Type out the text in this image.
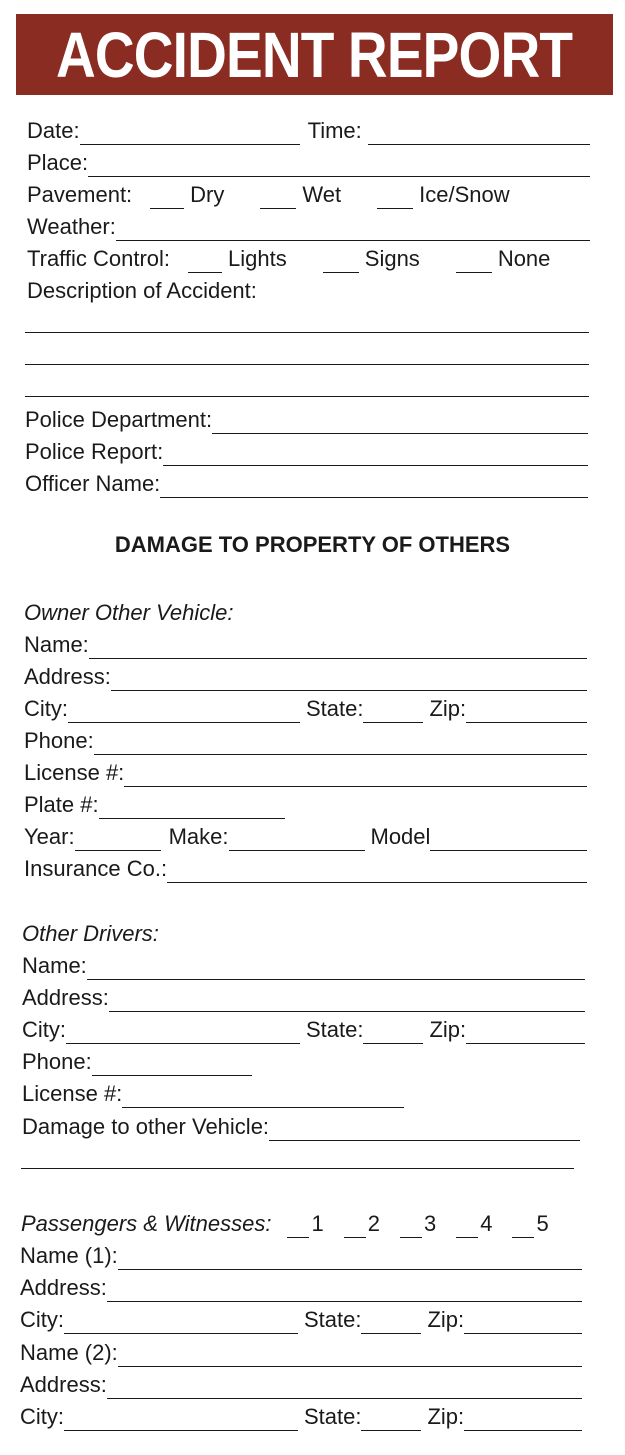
ACCIDENT REPORT
Date:	Time:
Place:
Pavement:	Dry	Wet	Ice/Snow
Weather:
Traffic Control:	Lights	Signs	None
Description of Accident:
Police Department:
Police Report:
Officer Name:
DAMAGE TO PROPERTY OF OTHERS
Owner Other Vehicle:
Name:
Address:
City:	State:	Zip:
Phone:
License #:
Plate #:
Year:	Make:	Model
Insurance Co.:
Other Drivers:
Name:
Address:
City:	State:	Zip:
Phone:
License #:
Damage to other Vehicle:
Passengers & Witnesses: 1 2 3 4 5
Name (1):
Address:
City:	State:	Zip:
Name (2):
Address:
City:	State:	Zip:
